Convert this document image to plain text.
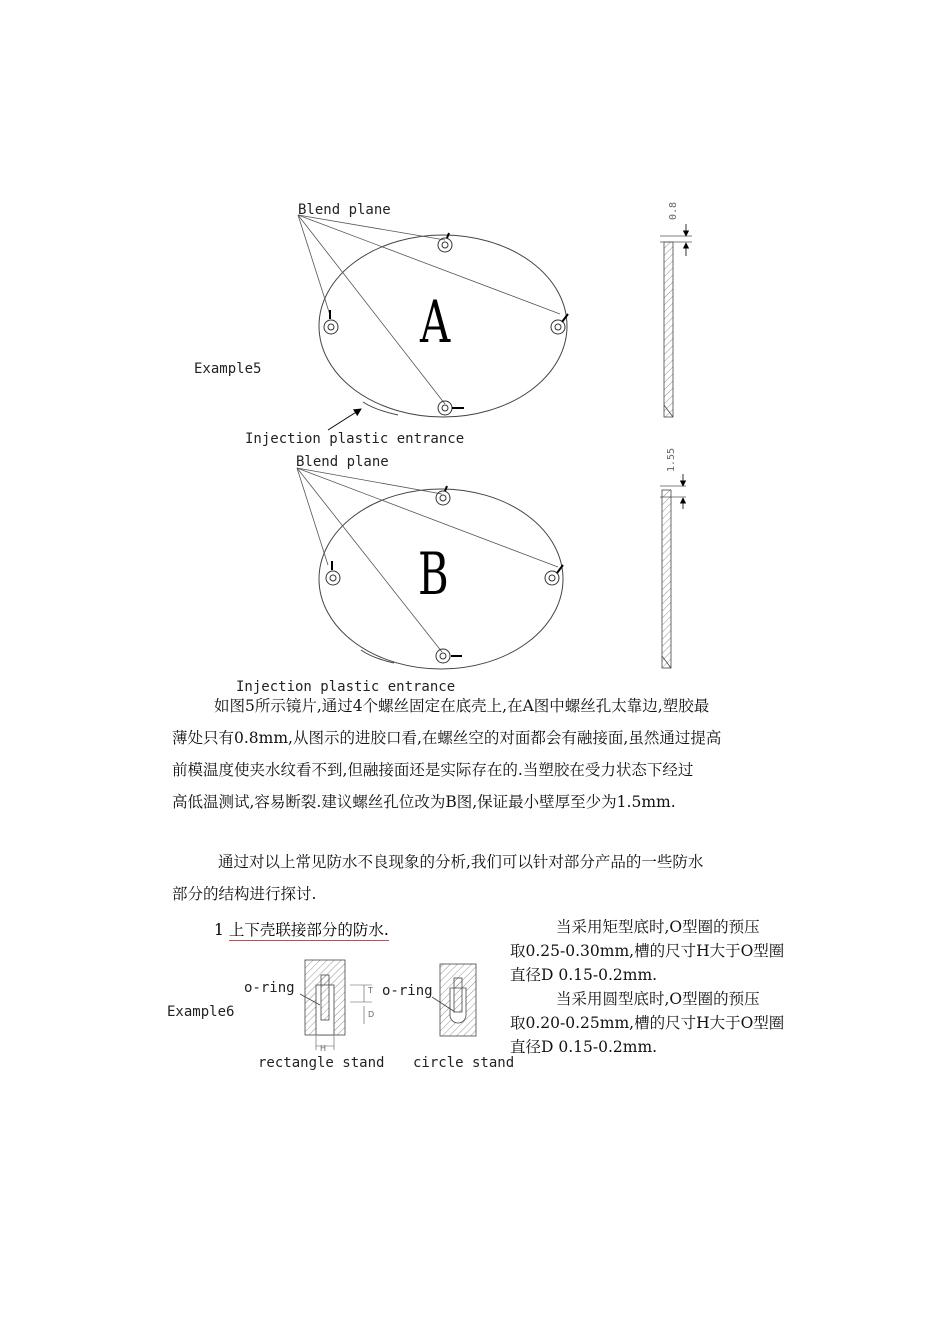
Blend plane
Example5
Injection plastic entrance
Blend plane
Injection plastic entrance
A
B
0.8
1.55
如图5所示镜片,通过4个螺丝固定在底壳上,在A图中螺丝孔太靠边,塑胶最
薄处只有0.8mm,从图示的进胶口看,在螺丝空的对面都会有融接面,虽然通过提高
前模温度使夹水纹看不到,但融接面还是实际存在的.当塑胶在受力状态下经过
高低温测试,容易断裂.建议螺丝孔位改为B图,保证最小壁厚至少为1.5mm.
通过对以上常见防水不良现象的分析,我们可以针对部分产品的一些防水
部分的结构进行探讨.
1 上下壳联接部分的防水.
Example6
o-ring	o-ring
rectangle stand circle stand
T
D
H
当采用矩型底时,O型圈的预压
取0.25-0.30mm,槽的尺寸H大于O型圈
直径D 0.15-0.2mm.
当采用圆型底时,O型圈的预压
取0.20-0.25mm,槽的尺寸H大于O型圈
直径D 0.15-0.2mm.
